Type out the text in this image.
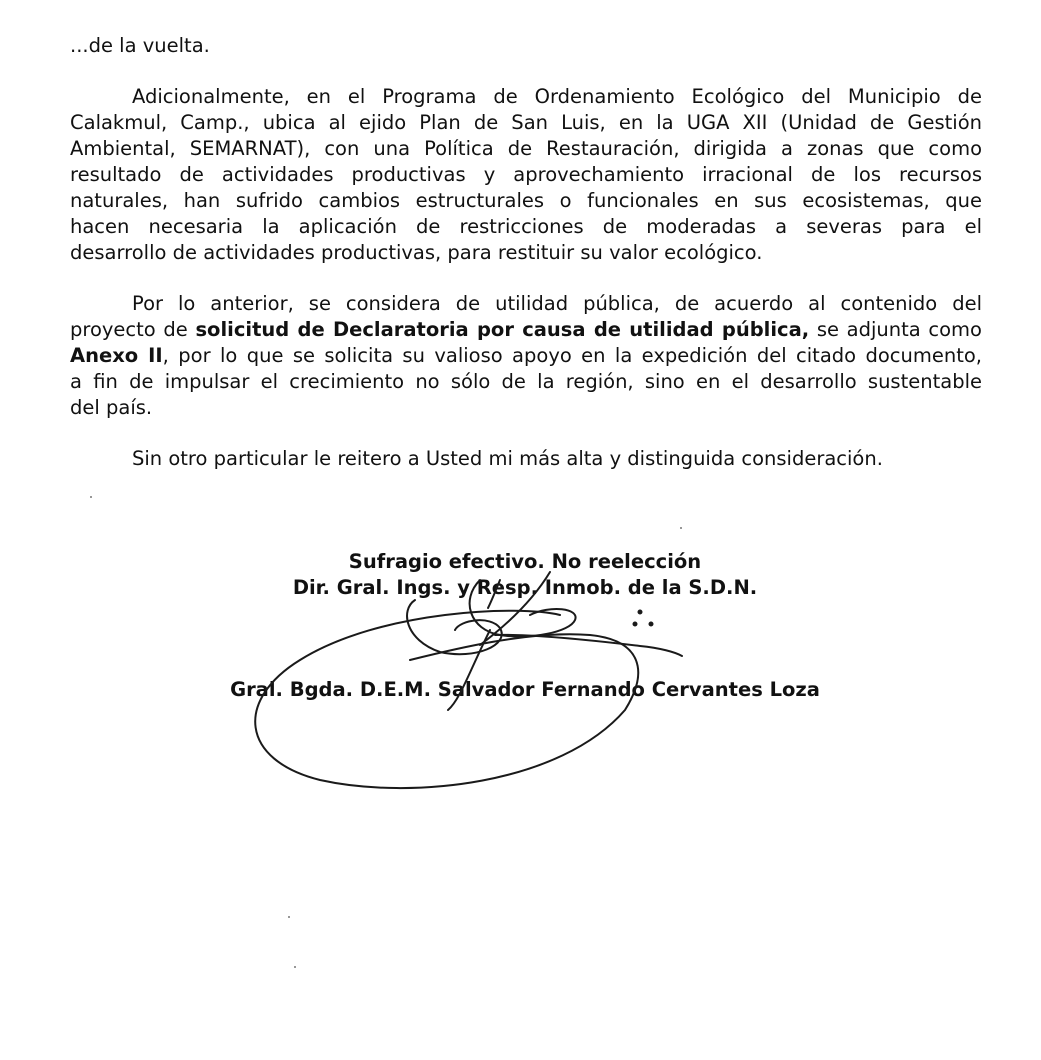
...de la vuelta.
Adicionalmente, en el Programa de Ordenamiento Ecológico del Municipio de
Calakmul, Camp., ubica al ejido Plan de San Luis, en la UGA XII (Unidad de Gestión
Ambiental, SEMARNAT), con una Política de Restauración, dirigida a zonas que como
resultado de actividades productivas y aprovechamiento irracional de los recursos
naturales, han sufrido cambios estructurales o funcionales en sus ecosistemas, que
hacen necesaria la aplicación de restricciones de moderadas a severas para el
desarrollo de actividades productivas, para restituir su valor ecológico.
Por lo anterior, se considera de utilidad pública, de acuerdo al contenido del
proyecto de solicitud de Declaratoria por causa de utilidad pública, se adjunta como
Anexo II, por lo que se solicita su valioso apoyo en la expedición del citado documento,
a fin de impulsar el crecimiento no sólo de la región, sino en el desarrollo sustentable
del país.
Sin otro particular le reitero a Usted mi más alta y distinguida consideración.
Sufragio efectivo. No reelección
Dir. Gral. Ings. y Resp. Inmob. de la S.D.N.
Gral. Bgda. D.E.M. Salvador Fernando Cervantes Loza
